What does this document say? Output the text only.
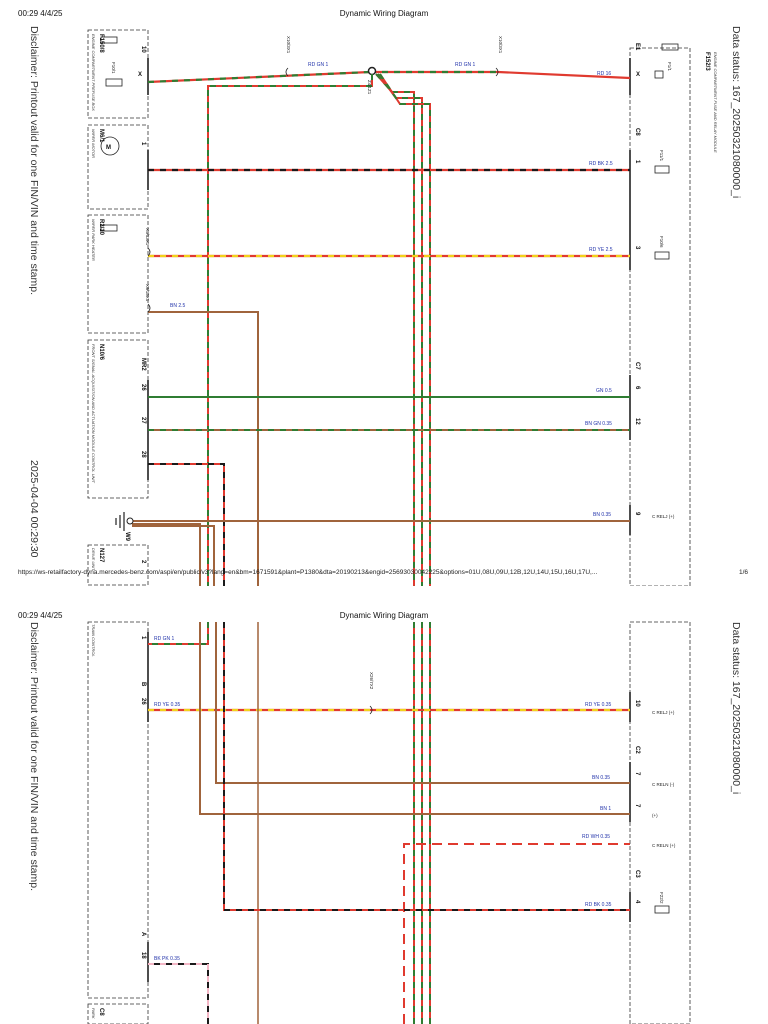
00:29 4/4/25	Dynamic Wiring Diagram
M
RD GN 1	RD GN 1
RD 16
RD BK 2.5
RD YE 2.5
BN 2.5
GN 0.5
BN GN 0.35
BN 0.35
10
X
1
26
27
28
2
MR2
X
1
3
6
12
9
E1
C8
C7
X10/3X1	X10/3X1
Z4/1Z1
X9/13X1
X9/13X1
F10/1
F11/1
F10/6
F1/1
C RELJ (+)
F150/8
ENGINE COMPARTMENT PREFUSE BOX
M6/1
WIPER MOTOR
R2/10
WIPER PARK HEATER
N10/6
FRONT SIGNAL ACQUISITION AND ACTUATION MODULE CONTROL UNIT
W9
N127
DRIVE UNIT
F152/3 ENGINE COMPARTMENT FUSE AND RELAY MODULE
Disclaimer: Printout valid for one FIN/VIN and time stamp.	Data status: 167_20250321080000_i
2025-04-04 00:29:30
https://ws-retailfactory-dyna.mercedes-benz.com/aspi/en/public/v3?lang=en&bm=1671591&plant=P1380&dta=20190213&engid=25693030042225&options=01U,08U,09U,12B,12U,14U,15U,16U,17U,...	1/6
00:29 4/4/25	Dynamic Wiring Diagram
RD GN 1
RD YE 0.35	RD YE 0.35
BN 0.35
BN 1
RD WH 0.35
RD BK 0.35
BK PK 0.35
X26/7X2
TRAIN CONTROL
C8
PARK
1
B
26
A
18
10
7
7
4
C2
C3
C RELJ (+)
C RELN (-)
(+)
C RELN (+)
F22/2
Disclaimer: Printout valid for one FIN/VIN and time stamp.	Data status: 167_20250321080000_i
